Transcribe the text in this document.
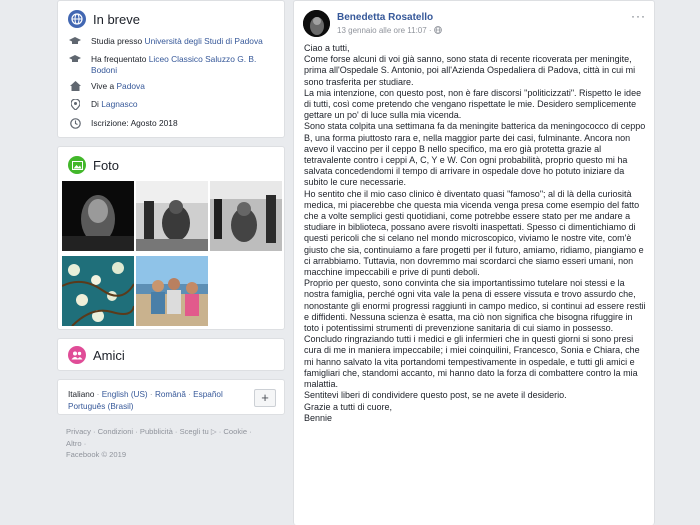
In breve
Studia presso Università degli Studi di Padova
Ha frequentato Liceo Classico Saluzzo G. B. Bodoni
Vive a Padova
Di Lagnasco
Iscrizione: Agosto 2018
Foto
Amici
Italiano · English (US) · Română · Español
Português (Brasil)
+
Privacy · Condizioni · Pubblicità · Scegli tu ▷ · Cookie ·
Altro ·
Facebook © 2019
Benedetta Rosatello
13 gennaio alle ore 11:07 ·
···

Ciao a tutti,

Come forse alcuni di voi già sanno, sono stata di recente ricoverata per meningite, prima all'Ospedale S. Antonio, poi all'Azienda Ospedaliera di Padova, città in cui mi sono trasferita per studiare.

La mia intenzione, con questo post, non è fare discorsi "politicizzati". Rispetto le idee di tutti, così come pretendo che vengano rispettate le mie. Desidero semplicemente gettare un po' di luce sulla mia vicenda.

Sono stata colpita una settimana fa da meningite batterica da meningococco di ceppo B, una forma piuttosto rara e, nella maggior parte dei casi, fulminante. Ancora non avevo il vaccino per il ceppo B nello specifico, ma ero già protetta grazie al tetravalente contro i ceppi A, C, Y e W. Con ogni probabilità, proprio questo mi ha salvata concedendomi il tempo di arrivare in ospedale dove ho potuto iniziare da subito le cure necessarie.

Ho sentito che il mio caso clinico è diventato quasi "famoso"; al di là della curiosità medica, mi piacerebbe che questa mia vicenda venga presa come esempio del fatto che a volte semplici gesti quotidiani, come potrebbe essere stato per me andare a studiare in biblioteca, possano avere risvolti inaspettati. Spesso ci dimentichiamo di questi pericoli che si celano nel mondo microscopico, viviamo le nostre vite, com'è giusto che sia, continuiamo a fare progetti per il futuro, amiamo, ridiamo, piangiamo e ci arrabbiamo. Tuttavia, non dovremmo mai scordarci che siamo esseri umani, non macchine impeccabili e prive di punti deboli.

Proprio per questo, sono convinta che sia importantissimo tutelare noi stessi e la nostra famiglia, perché ogni vita vale la pena di essere vissuta e trovo assurdo che, nonostante gli enormi progressi raggiunti in campo medico, si continui ad essere restii e diffidenti. Nessuna scienza è esatta, ma ciò non significa che bisogna rifuggire in toto i potentissimi strumenti di prevenzione sanitaria di cui siamo in possesso.

Concludo ringraziando tutti i medici e gli infermieri che in questi giorni si sono presi cura di me in maniera impeccabile; i miei coinquilini, Francesco, Sonia e Chiara, che mi hanno salvato la vita portandomi tempestivamente in ospedale, e tutti gli amici e famigliari che, standomi accanto, mi hanno dato la forza di combattere contro la mia malattia.

Sentitevi liberi di condividere questo post, se ne avete il desiderio.

Grazie a tutti di cuore,

Bennie
